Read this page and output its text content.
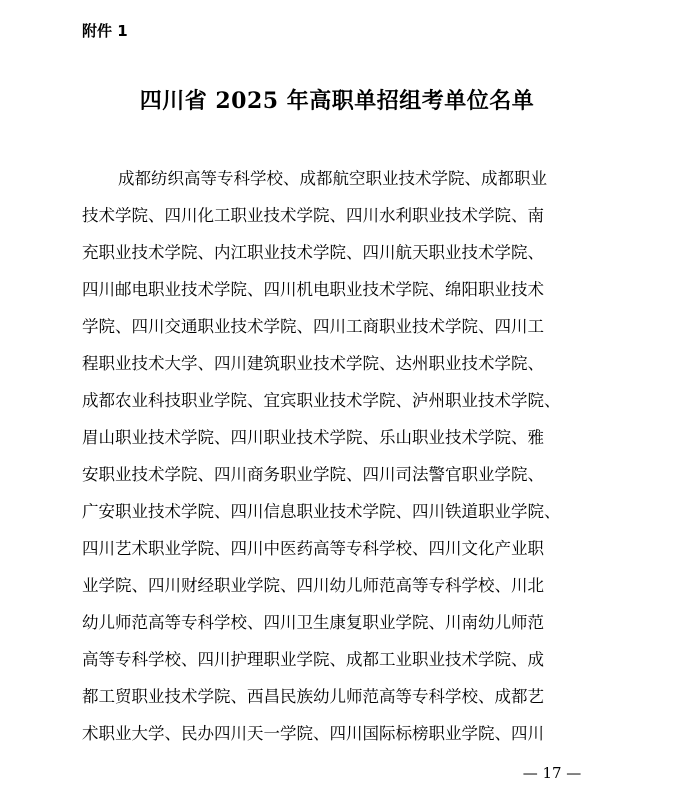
附件 1
四川省 2025 年高职单招组考单位名单
成都纺织高等专科学校、成都航空职业技术学院、成都职业
技术学院、四川化工职业技术学院、四川水利职业技术学院、南
充职业技术学院、内江职业技术学院、四川航天职业技术学院、
四川邮电职业技术学院、四川机电职业技术学院、绵阳职业技术
学院、四川交通职业技术学院、四川工商职业技术学院、四川工
程职业技术大学、四川建筑职业技术学院、达州职业技术学院、
成都农业科技职业学院、宜宾职业技术学院、泸州职业技术学院、
眉山职业技术学院、四川职业技术学院、乐山职业技术学院、雅
安职业技术学院、四川商务职业学院、四川司法警官职业学院、
广安职业技术学院、四川信息职业技术学院、四川铁道职业学院、
四川艺术职业学院、四川中医药高等专科学校、四川文化产业职
业学院、四川财经职业学院、四川幼儿师范高等专科学校、川北
幼儿师范高等专科学校、四川卫生康复职业学院、川南幼儿师范
高等专科学校、四川护理职业学院、成都工业职业技术学院、成
都工贸职业技术学院、西昌民族幼儿师范高等专科学校、成都艺
术职业大学、民办四川天一学院、四川国际标榜职业学院、四川
— 17 —
